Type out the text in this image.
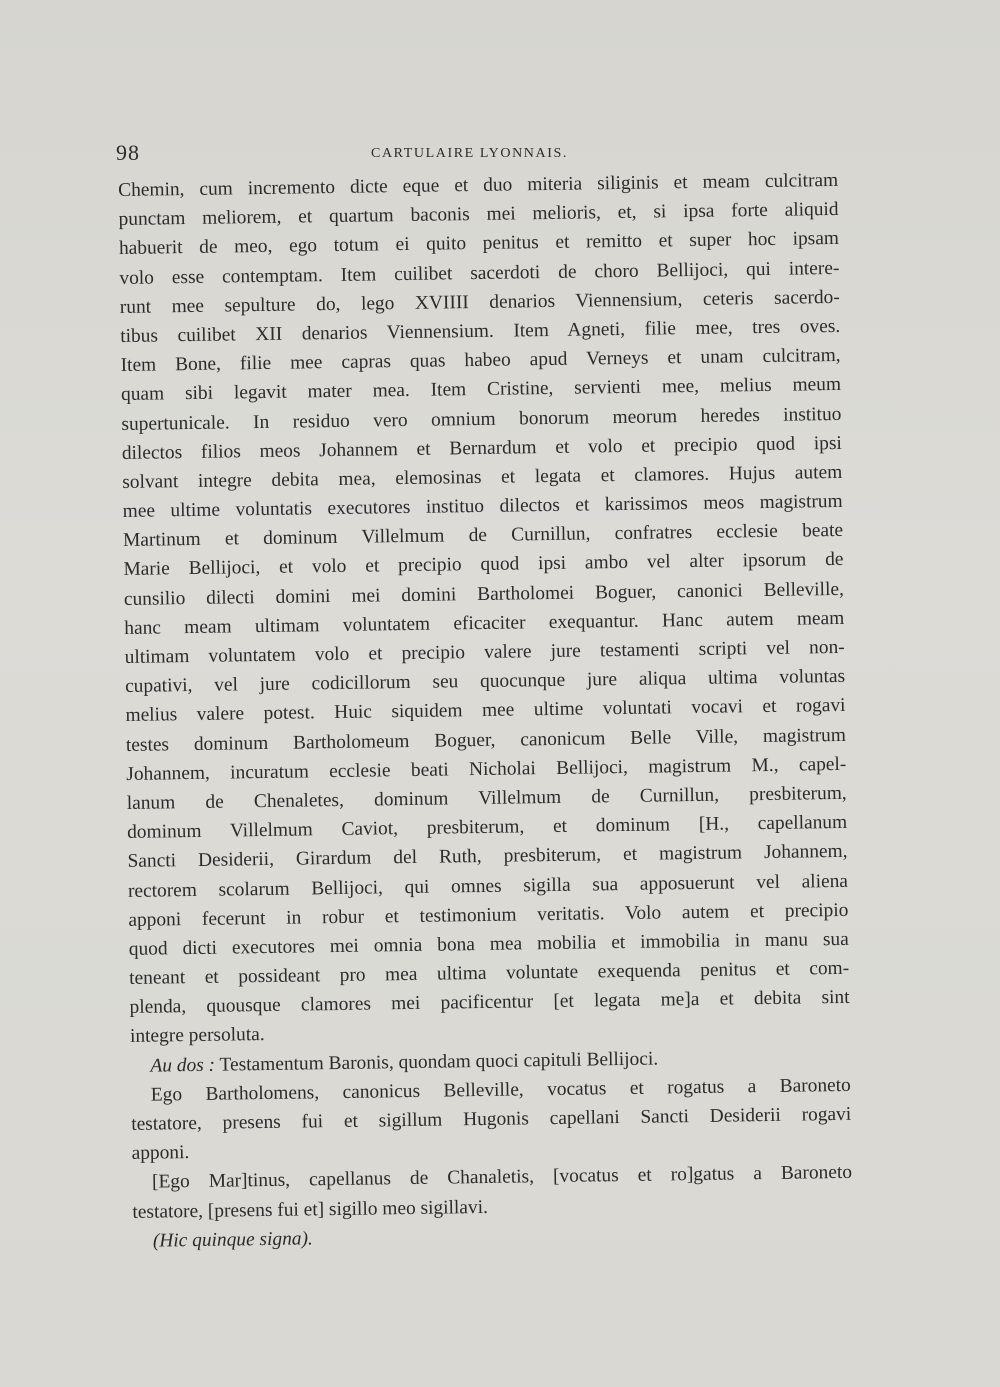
98	CARTULAIRE LYONNAIS.
Chemin, cum incremento dicte eque et duo miteria siliginis et meam culcitram
punctam meliorem, et quartum baconis mei melioris, et, si ipsa forte aliquid
habuerit de meo, ego totum ei quito penitus et remitto et super hoc ipsam
volo esse contemptam. Item cuilibet sacerdoti de choro Bellijoci, qui intere-
runt mee sepulture do, lego XVIIII denarios Viennensium, ceteris sacerdo-
tibus cuilibet XII denarios Viennensium. Item Agneti, filie mee, tres oves.
Item Bone, filie mee capras quas habeo apud Verneys et unam culcitram,
quam sibi legavit mater mea. Item Cristine, servienti mee, melius meum
supertunicale. In residuo vero omnium bonorum meorum heredes instituo
dilectos filios meos Johannem et Bernardum et volo et precipio quod ipsi
solvant integre debita mea, elemosinas et legata et clamores. Hujus autem
mee ultime voluntatis executores instituo dilectos et karissimos meos magistrum
Martinum et dominum Villelmum de Curnillun, confratres ecclesie beate
Marie Bellijoci, et volo et precipio quod ipsi ambo vel alter ipsorum de
cunsilio dilecti domini mei domini Bartholomei Boguer, canonici Belleville,
hanc meam ultimam voluntatem eficaciter exequantur. Hanc autem meam
ultimam voluntatem volo et precipio valere jure testamenti scripti vel non-
cupativi, vel jure codicillorum seu quocunque jure aliqua ultima voluntas
melius valere potest. Huic siquidem mee ultime voluntati vocavi et rogavi
testes dominum Bartholomeum Boguer, canonicum Belle Ville, magistrum
Johannem, incuratum ecclesie beati Nicholai Bellijoci, magistrum M., capel-
lanum de Chenaletes, dominum Villelmum de Curnillun, presbiterum,
dominum Villelmum Caviot, presbiterum, et dominum [H., capellanum
Sancti Desiderii, Girardum del Ruth, presbiterum, et magistrum Johannem,
rectorem scolarum Bellijoci, qui omnes sigilla sua apposuerunt vel aliena
apponi fecerunt in robur et testimonium veritatis. Volo autem et precipio
quod dicti executores mei omnia bona mea mobilia et immobilia in manu sua
teneant et possideant pro mea ultima voluntate exequenda penitus et com-
plenda, quousque clamores mei pacificentur [et legata me]a et debita sint
integre persoluta.
Au dos : Testamentum Baronis, quondam quoci capituli Bellijoci.
Ego Bartholomens, canonicus Belleville, vocatus et rogatus a Baroneto
testatore, presens fui et sigillum Hugonis capellani Sancti Desiderii rogavi
apponi.
[Ego Mar]tinus, capellanus de Chanaletis, [vocatus et ro]gatus a Baroneto
testatore, [presens fui et] sigillo meo sigillavi.
(Hic quinque signa).
